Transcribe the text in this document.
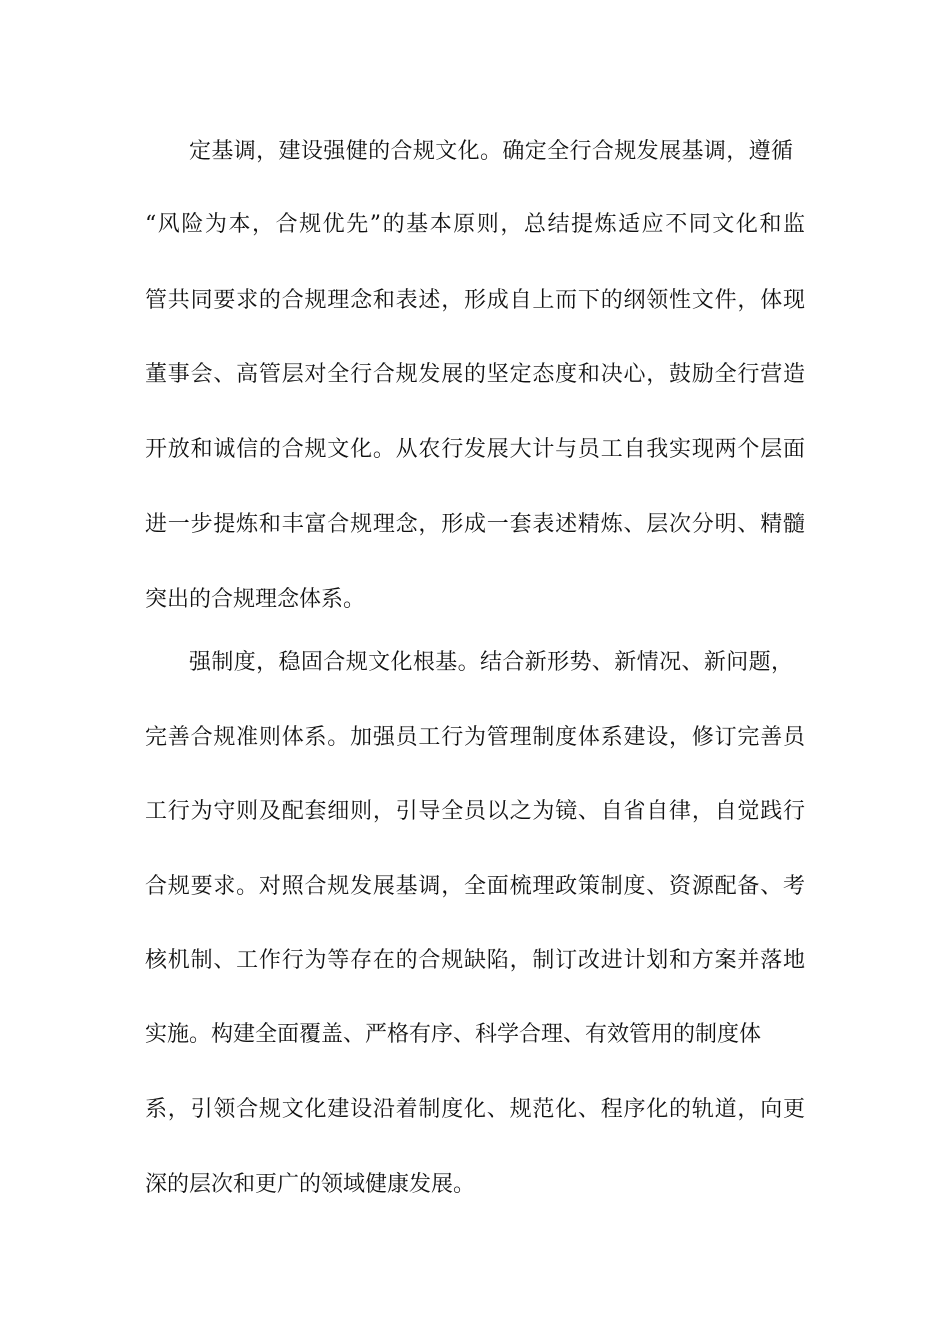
定基调，建设强健的合规文化。确定全行合规发展基调，遵循
“风险为本，合规优先”的基本原则，总结提炼适应不同文化和监
管共同要求的合规理念和表述，形成自上而下的纲领性文件，体现
董事会、高管层对全行合规发展的坚定态度和决心，鼓励全行营造
开放和诚信的合规文化。从农行发展大计与员工自我实现两个层面
进一步提炼和丰富合规理念，形成一套表述精炼、层次分明、精髓
突出的合规理念体系。
强制度，稳固合规文化根基。结合新形势、新情况、新问题，
完善合规准则体系。加强员工行为管理制度体系建设，修订完善员
工行为守则及配套细则，引导全员以之为镜、自省自律，自觉践行
合规要求。对照合规发展基调，全面梳理政策制度、资源配备、考
核机制、工作行为等存在的合规缺陷，制订改进计划和方案并落地
实施。构建全面覆盖、严格有序、科学合理、有效管用的制度体
系，引领合规文化建设沿着制度化、规范化、程序化的轨道，向更
深的层次和更广的领域健康发展。
